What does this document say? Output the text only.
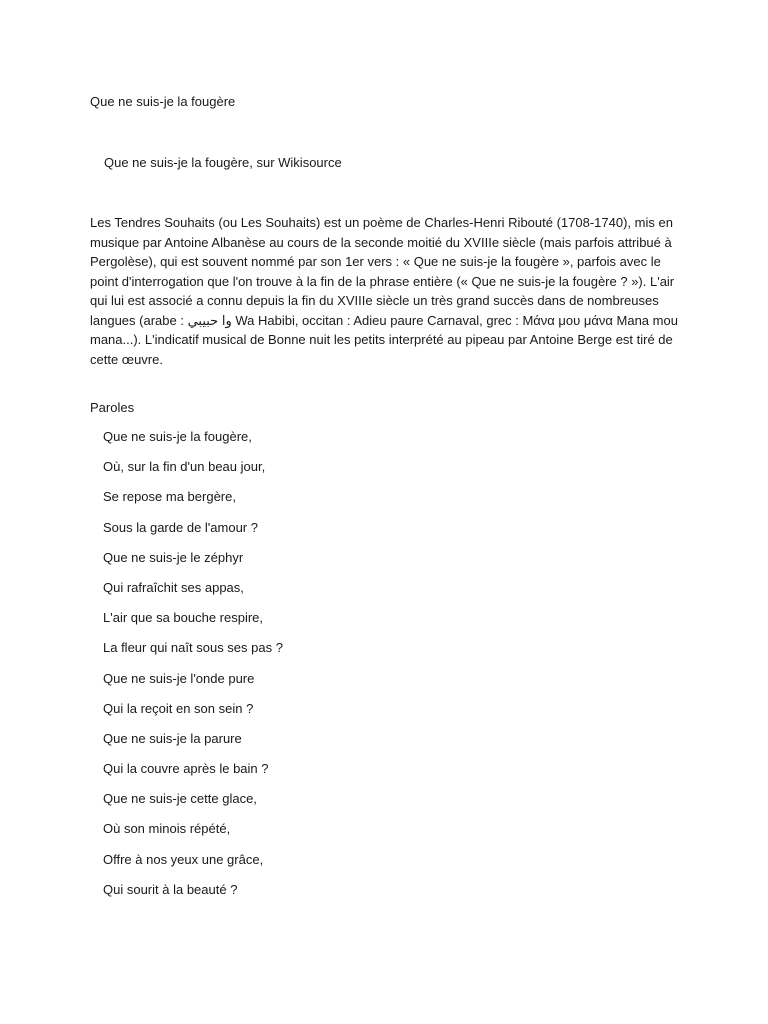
Que ne suis-je la fougère
Que ne suis-je la fougère, sur Wikisource

Les Tendres Souhaits (ou Les Souhaits) est un poème de Charles-Henri Ribouté (1708-1740), mis en musique par Antoine Albanèse au cours de la seconde moitié du XVIIIe siècle (mais parfois attribué à Pergolèse), qui est souvent nommé par son 1er vers : « Que ne suis-je la fougère », parfois avec le point d'interrogation que l'on trouve à la fin de la phrase entière (« Que ne suis-je la fougère ? »). L'air qui lui est associé a connu depuis la fin du XVIIIe siècle un très grand succès dans de nombreuses langues (arabe : وا حبيبي Wa Habibi, occitan : Adieu paure Carnaval, grec : Μάνα μου μάνα Mana mou mana...). L'indicatif musical de Bonne nuit les petits interprété au pipeau par Antoine Berge est tiré de cette œuvre.

Paroles
Que ne suis-je la fougère,
Où, sur la fin d'un beau jour,
Se repose ma bergère,
Sous la garde de l'amour ?
Que ne suis-je le zéphyr
Qui rafraîchit ses appas,
L'air que sa bouche respire,
La fleur qui naît sous ses pas ?
Que ne suis-je l'onde pure
Qui la reçoit en son sein ?
Que ne suis-je la parure
Qui la couvre après le bain ?
Que ne suis-je cette glace,
Où son minois répété,
Offre à nos yeux une grâce,
Qui sourit à la beauté ?
